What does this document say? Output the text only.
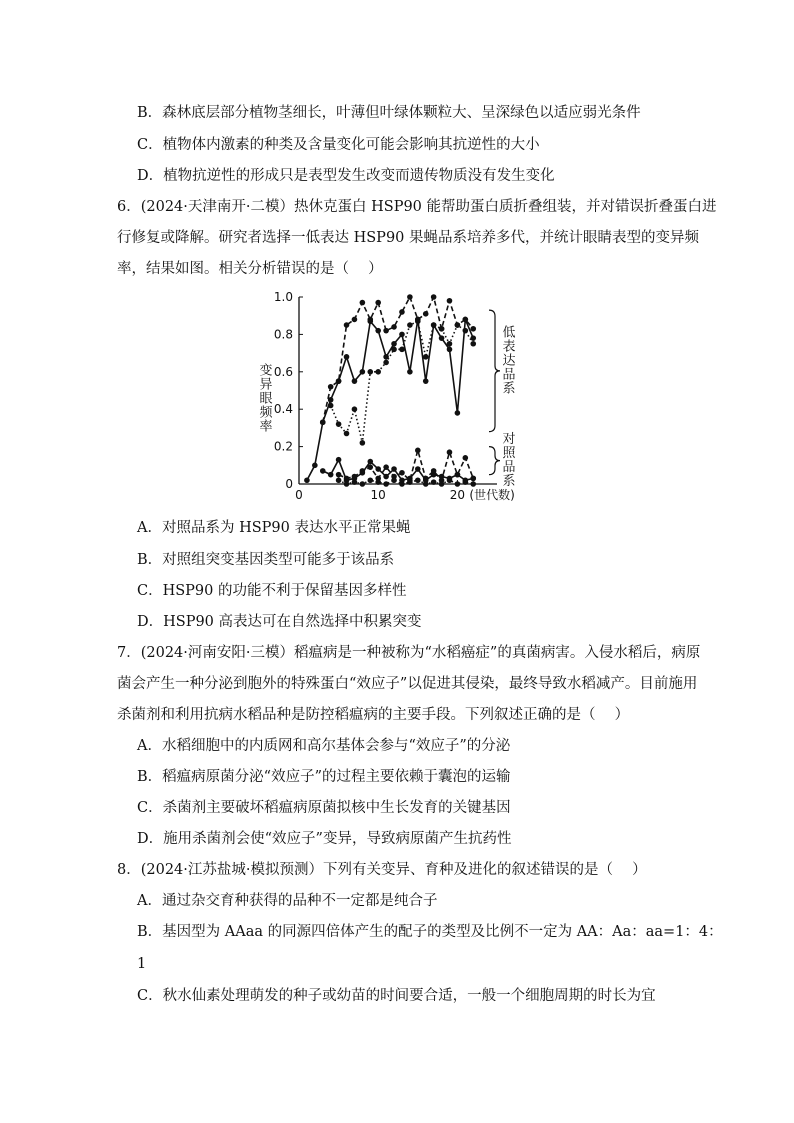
B．森林底层部分植物茎细长，叶薄但叶绿体颗粒大、呈深绿色以适应弱光条件
C．植物体内激素的种类及含量变化可能会影响其抗逆性的大小
D．植物抗逆性的形成只是表型发生改变而遗传物质没有发生变化
6．(2024·天津南开·二模）热休克蛋白 HSP90 能帮助蛋白质折叠组装，并对错误折叠蛋白进
行修复或降解。研究者选择一低表达 HSP90 果蝇品系培养多代，并统计眼睛表型的变异频
率，结果如图。相关分析错误的是（　 ）
0
0.2
0.4
0.6
0.8
1.0
0	10	20 (世代数)
变异眼频率
低表达品系
对照品系
A．对照品系为 HSP90 表达水平正常果蝇
B．对照组突变基因类型可能多于该品系
C．HSP90 的功能不利于保留基因多样性
D．HSP90 高表达可在自然选择中积累突变
7．(2024·河南安阳·三模）稻瘟病是一种被称为“水稻癌症”的真菌病害。入侵水稻后，病原
菌会产生一种分泌到胞外的特殊蛋白“效应子”以促进其侵染，最终导致水稻减产。目前施用
杀菌剂和利用抗病水稻品种是防控稻瘟病的主要手段。下列叙述正确的是（　 ）
A．水稻细胞中的内质网和高尔基体会参与“效应子”的分泌
B．稻瘟病原菌分泌“效应子”的过程主要依赖于囊泡的运输
C．杀菌剂主要破坏稻瘟病原菌拟核中生长发育的关键基因
D．施用杀菌剂会使“效应子”变异，导致病原菌产生抗药性
8．(2024·江苏盐城·模拟预测）下列有关变异、育种及进化的叙述错误的是（　 ）
A．通过杂交育种获得的品种不一定都是纯合子
B．基因型为 AAaa 的同源四倍体产生的配子的类型及比例不一定为 AA：Aa：aa=1：4：
1
C．秋水仙素处理萌发的种子或幼苗的时间要合适，一般一个细胞周期的时长为宜
